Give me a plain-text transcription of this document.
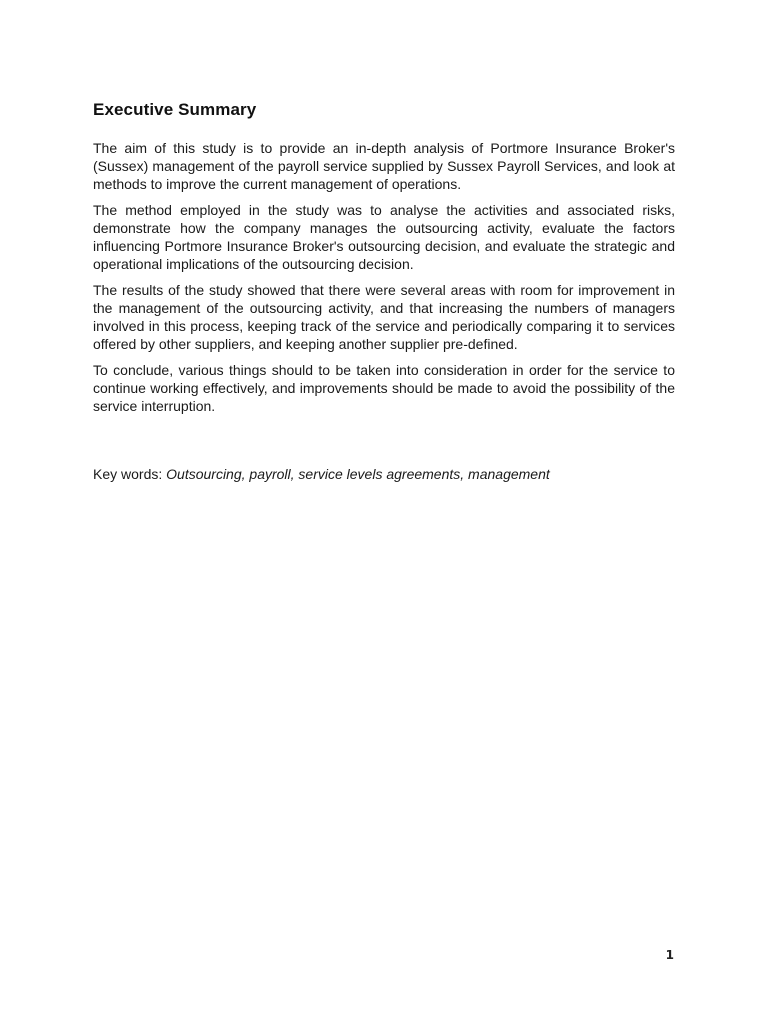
Executive Summary

The aim of this study is to provide an in-depth analysis of Portmore Insurance Broker's (Sussex) management of the payroll service supplied by Sussex Payroll Services, and look at methods to improve the current management of operations.

The method employed in the study was to analyse the activities and associated risks, demonstrate how the company manages the outsourcing activity, evaluate the factors influencing Portmore Insurance Broker's outsourcing decision, and evaluate the strategic and operational implications of the outsourcing decision.

The results of the study showed that there were several areas with room for improvement in the management of the outsourcing activity, and that increasing the numbers of managers involved in this process, keeping track of the service and periodically comparing it to services offered by other suppliers, and keeping another supplier pre-defined.

To conclude, various things should to be taken into consideration in order for the service to continue working effectively, and improvements should be made to avoid the possibility of the service interruption.

Key words: Outsourcing, payroll, service levels agreements, management

1
